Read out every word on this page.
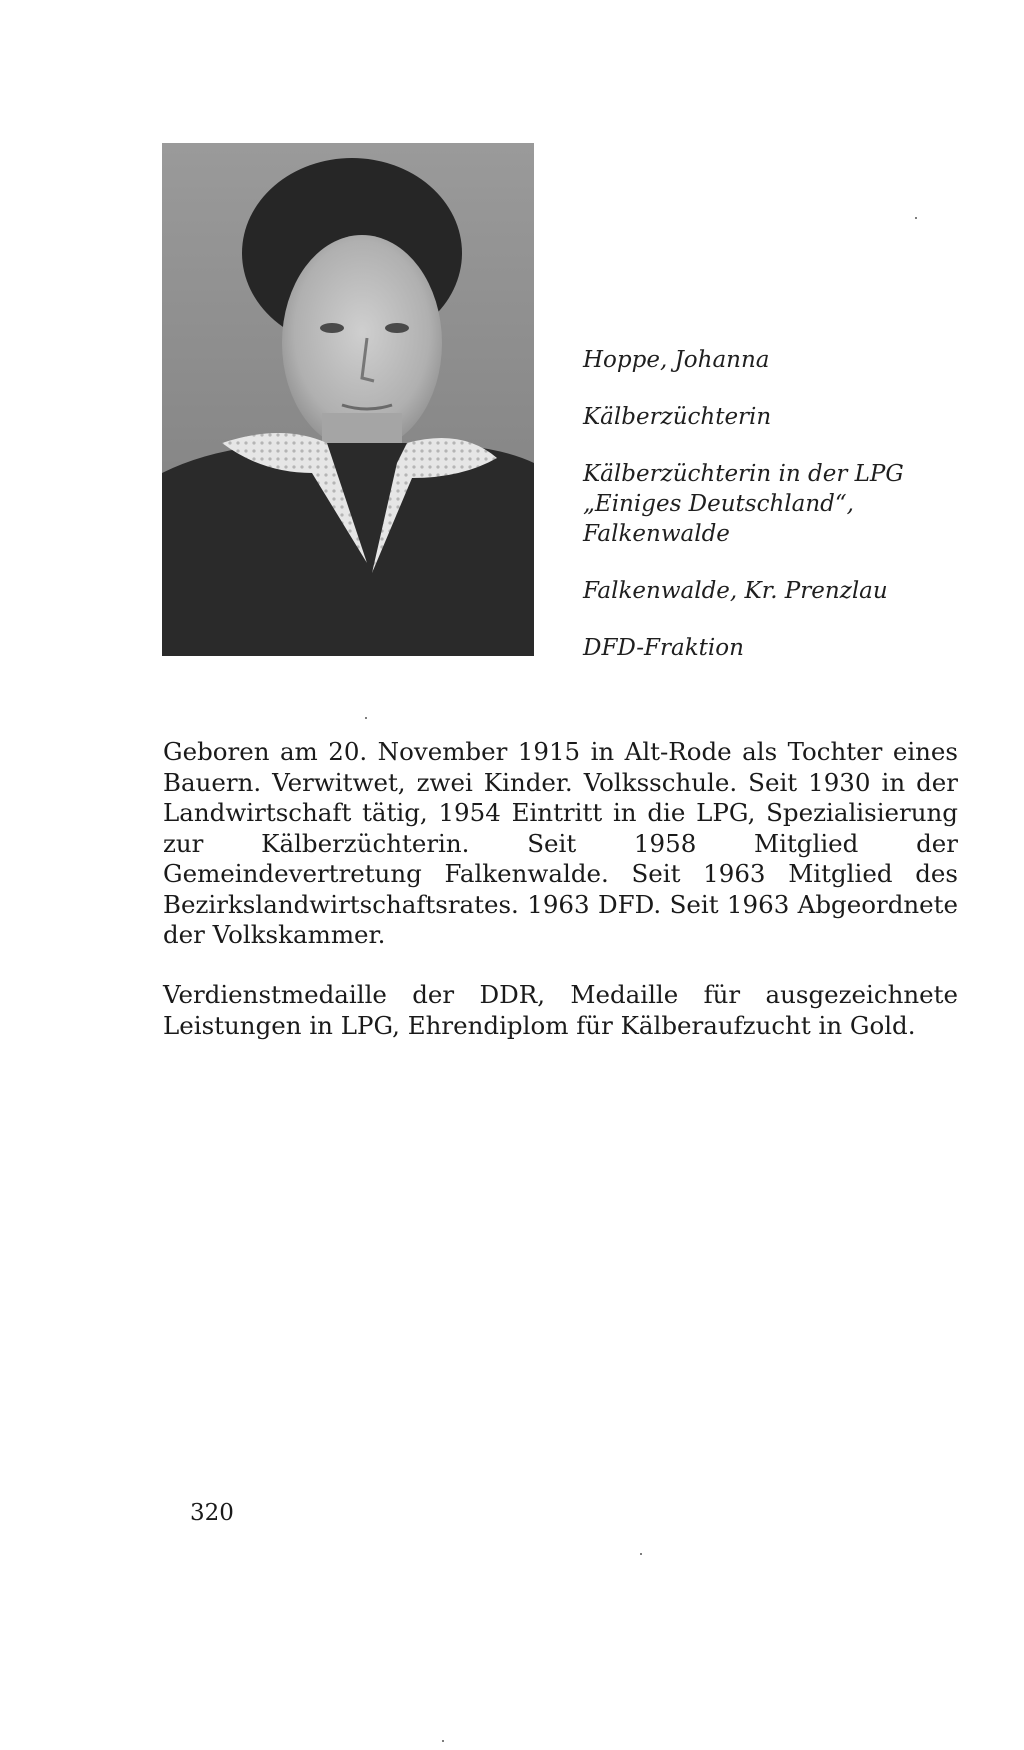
Hoppe, Johanna

Kälberzüchterin

Kälberzüchterin in der LPG
„Einiges Deutschland“,
Falkenwalde

Falkenwalde, Kr. Prenzlau

DFD-Fraktion

Geboren am 20. November 1915 in Alt-Rode als Tochter eines Bauern. Verwitwet, zwei Kinder. Volksschule. Seit 1930 in der Landwirtschaft tätig, 1954 Eintritt in die LPG, Spezialisierung zur Kälberzüchterin. Seit 1958 Mitglied der Gemeindevertretung Falkenwalde. Seit 1963 Mitglied des Bezirkslandwirtschaftsrates. 1963 DFD. Seit 1963 Abgeordnete der Volkskammer.

Verdienstmedaille der DDR, Medaille für ausgezeichnete Leistungen in LPG, Ehrendiplom für Kälberaufzucht in Gold.

320
